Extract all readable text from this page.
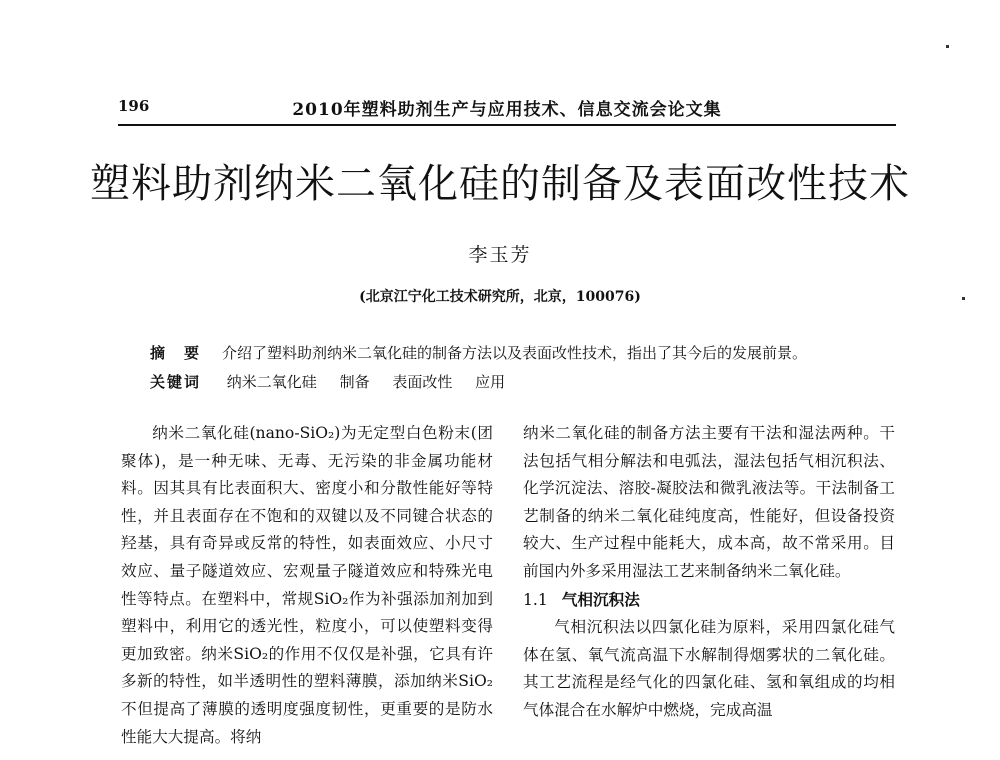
196	2010年塑料助剂生产与应用技术、信息交流会论文集
塑料助剂纳米二氧化硅的制备及表面改性技术
李玉芳
(北京江宁化工技术研究所，北京，100076)
摘　要 介绍了塑料助剂纳米二氧化硅的制备方法以及表面改性技术，指出了其今后的发展前景。
关键词 纳米二氧化硅 制备 表面改性 应用

纳米二氧化硅(nano-SiO₂)为无定型白色粉末(团聚体)，是一种无味、无毒、无污染的非金属功能材料。因其具有比表面积大、密度小和分散性能好等特性，并且表面存在不饱和的双键以及不同键合状态的羟基，具有奇异或反常的特性，如表面效应、小尺寸效应、量子隧道效应、宏观量子隧道效应和特殊光电性等特点。在塑料中，常规SiO₂作为补强添加剂加到塑料中，利用它的透光性，粒度小，可以使塑料变得更加致密。纳米SiO₂的作用不仅仅是补强，它具有许多新的特性，如半透明性的塑料薄膜，添加纳米SiO₂不但提高了薄膜的透明度强度韧性，更重要的是防水性能大大提高。将纳

纳米二氧化硅的制备方法主要有干法和湿法两种。干法包括气相分解法和电弧法，湿法包括气相沉积法、化学沉淀法、溶胶-凝胶法和微乳液法等。干法制备工艺制备的纳米二氧化硅纯度高，性能好，但设备投资较大、生产过程中能耗大，成本高，故不常采用。目前国内外多采用湿法工艺来制备纳米二氧化硅。

1.1 气相沉积法

气相沉积法以四氯化硅为原料，采用四氯化硅气体在氢、氧气流高温下水解制得烟雾状的二氧化硅。其工艺流程是经气化的四氯化硅、氢和氧组成的均相气体混合在水解炉中燃烧，完成高温
